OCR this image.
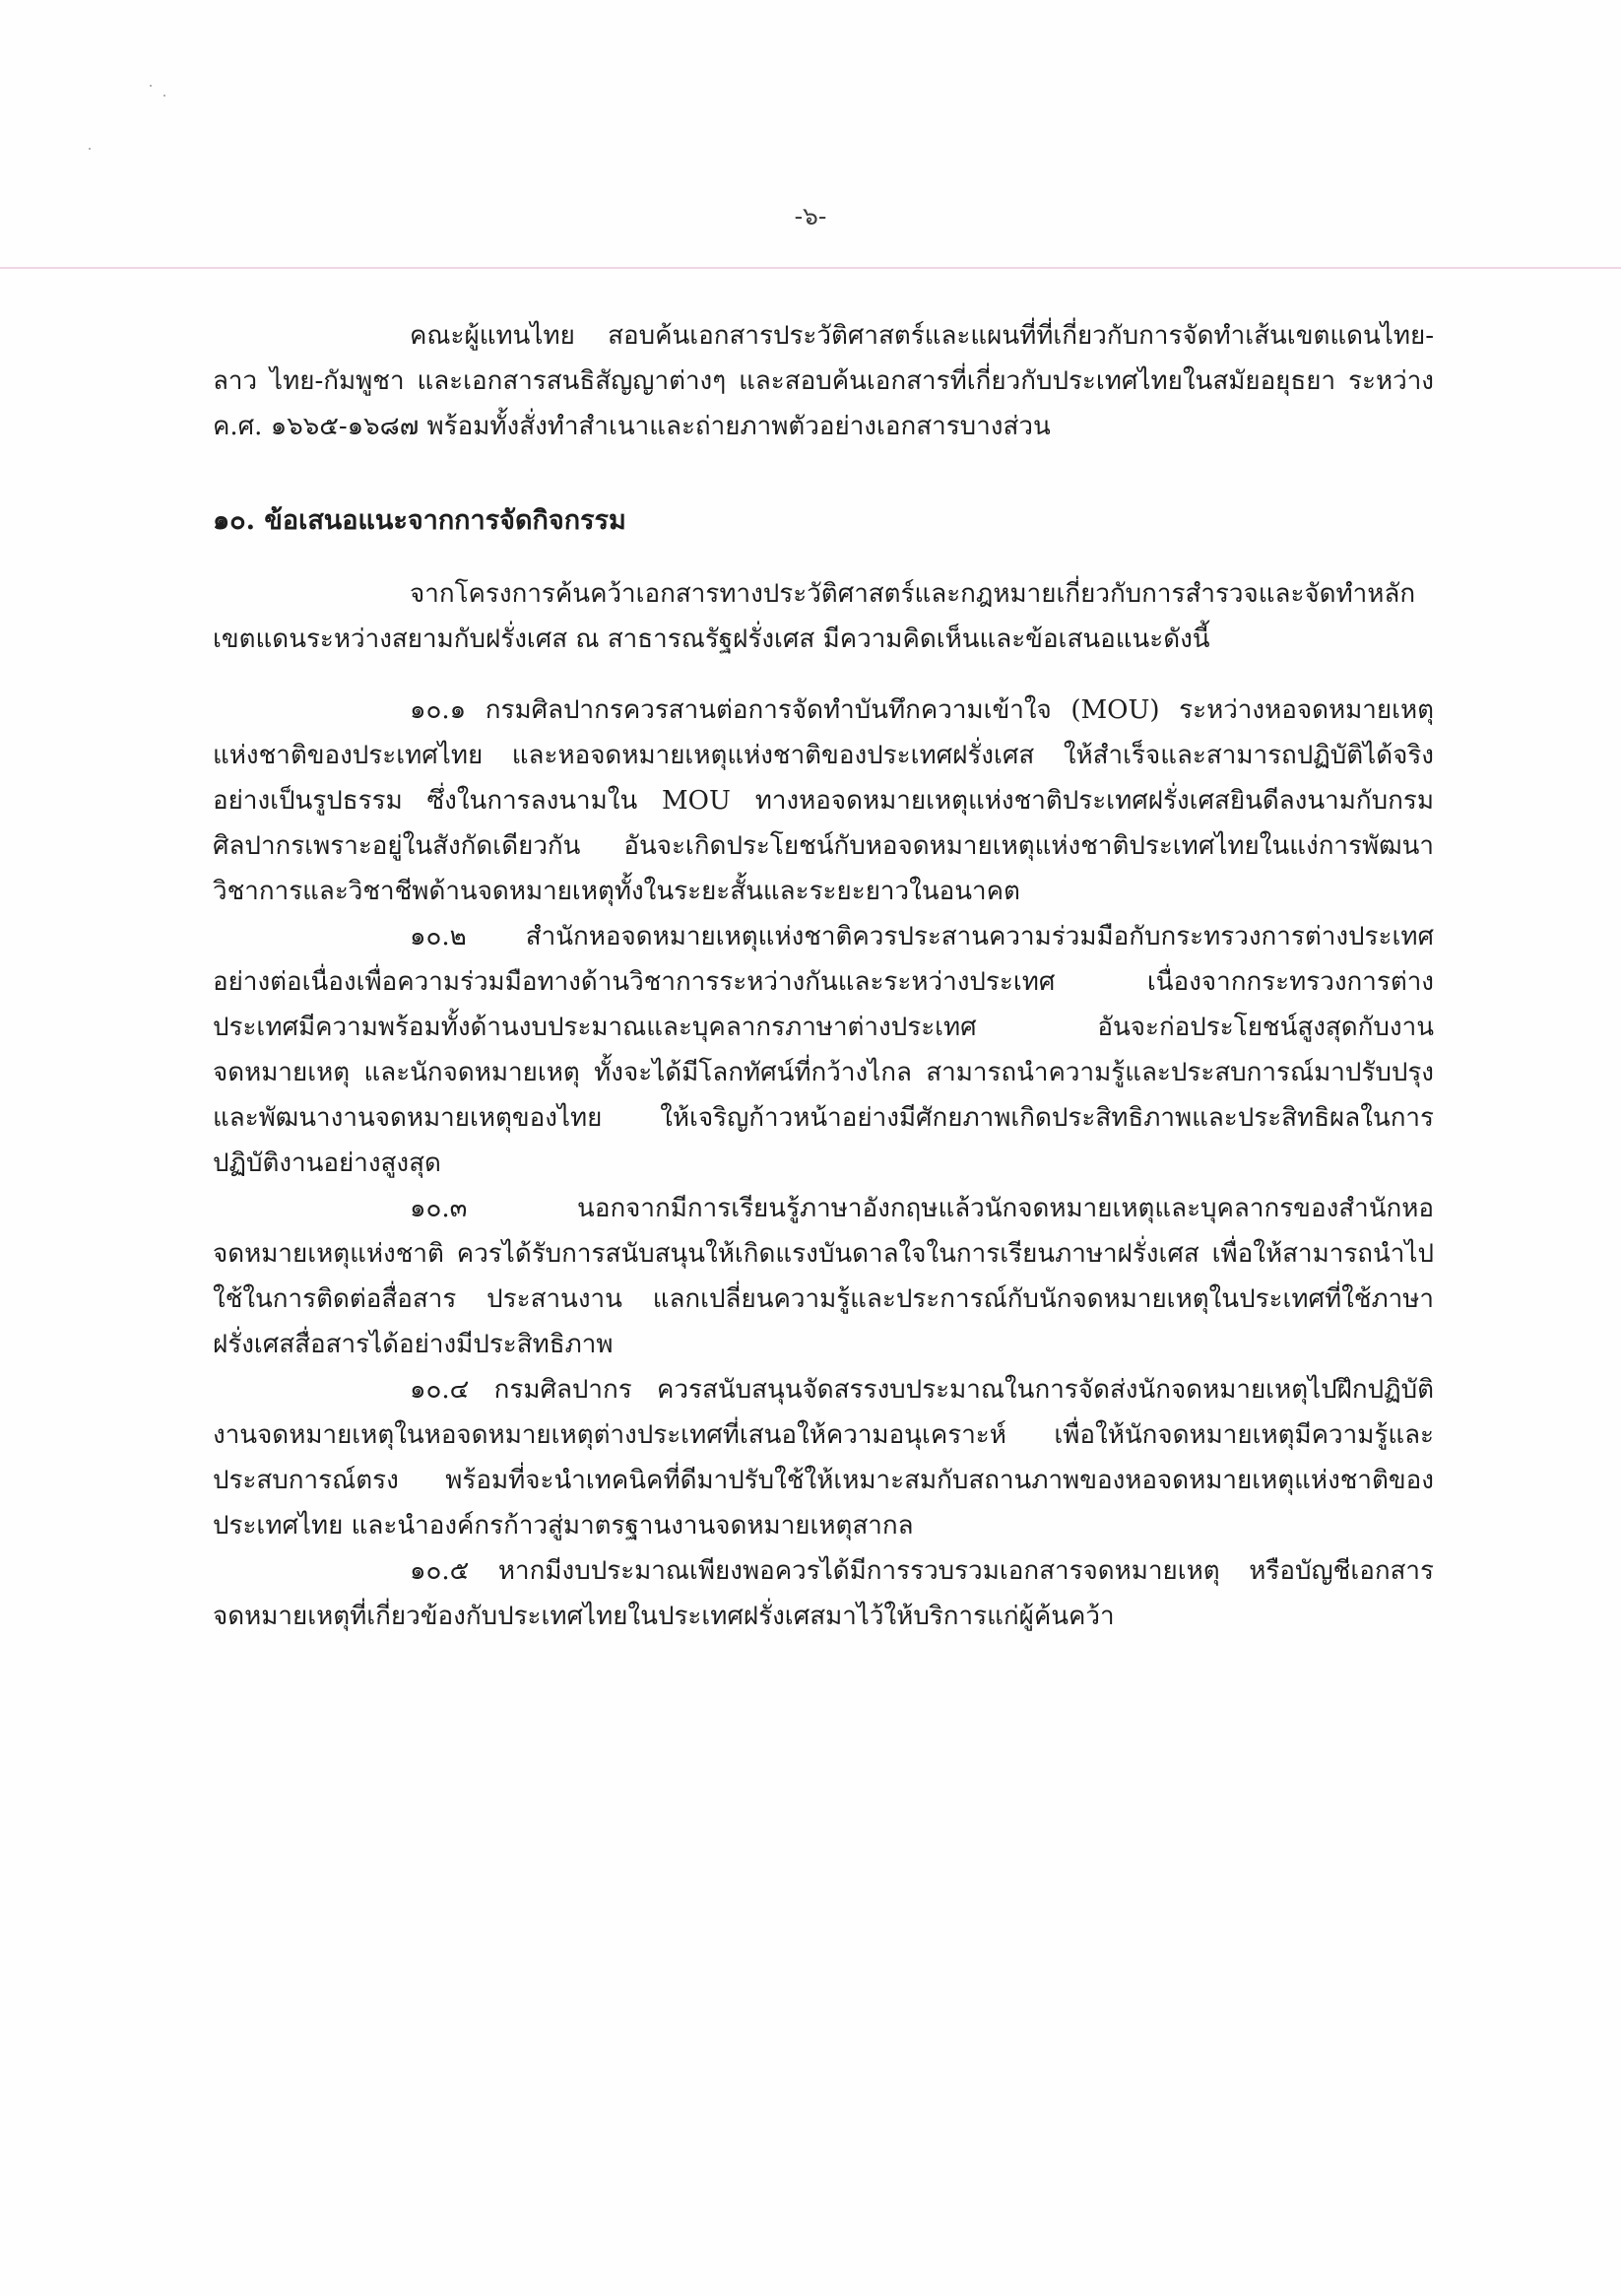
-๖-

คณะผู้แทนไทย สอบค้นเอกสารประวัติศาสตร์และแผนที่ที่เกี่ยวกับการจัดทำเส้นเขตแดนไทย-ลาว ไทย-กัมพูชา และเอกสารสนธิสัญญาต่างๆ และสอบค้นเอกสารที่เกี่ยวกับประเทศไทยในสมัยอยุธยา ระหว่าง ค.ศ. ๑๖๖๕-๑๖๘๗ พร้อมทั้งสั่งทำสำเนาและถ่ายภาพตัวอย่างเอกสารบางส่วน

๑๐. ข้อเสนอแนะจากการจัดกิจกรรม

จากโครงการค้นคว้าเอกสารทางประวัติศาสตร์และกฎหมายเกี่ยวกับการสำรวจและจัดทำหลักเขตแดนระหว่างสยามกับฝรั่งเศส ณ สาธารณรัฐฝรั่งเศส มีความคิดเห็นและข้อเสนอแนะดังนี้

๑๐.๑ กรมศิลปากรควรสานต่อการจัดทำบันทึกความเข้าใจ (MOU) ระหว่างหอจดหมายเหตุแห่งชาติของประเทศไทย และหอจดหมายเหตุแห่งชาติของประเทศฝรั่งเศส ให้สำเร็จและสามารถปฏิบัติได้จริงอย่างเป็นรูปธรรม ซึ่งในการลงนามใน MOU ทางหอจดหมายเหตุแห่งชาติประเทศฝรั่งเศสยินดีลงนามกับกรมศิลปากรเพราะอยู่ในสังกัดเดียวกัน อันจะเกิดประโยชน์กับหอจดหมายเหตุแห่งชาติประเทศไทยในแง่การพัฒนาวิชาการและวิชาชีพด้านจดหมายเหตุทั้งในระยะสั้นและระยะยาวในอนาคต

๑๐.๒ สำนักหอจดหมายเหตุแห่งชาติควรประสานความร่วมมือกับกระทรวงการต่างประเทศอย่างต่อเนื่องเพื่อความร่วมมือทางด้านวิชาการระหว่างกันและระหว่างประเทศ เนื่องจากกระทรวงการต่างประเทศมีความพร้อมทั้งด้านงบประมาณและบุคลากรภาษาต่างประเทศ อันจะก่อประโยชน์สูงสุดกับงานจดหมายเหตุ และนักจดหมายเหตุ ทั้งจะได้มีโลกทัศน์ที่กว้างไกล สามารถนำความรู้และประสบการณ์มาปรับปรุงและพัฒนางานจดหมายเหตุของไทย ให้เจริญก้าวหน้าอย่างมีศักยภาพเกิดประสิทธิภาพและประสิทธิผลในการปฏิบัติงานอย่างสูงสุด

๑๐.๓ นอกจากมีการเรียนรู้ภาษาอังกฤษแล้วนักจดหมายเหตุและบุคลากรของสำนักหอจดหมายเหตุแห่งชาติ ควรได้รับการสนับสนุนให้เกิดแรงบันดาลใจในการเรียนภาษาฝรั่งเศส เพื่อให้สามารถนำไปใช้ในการติดต่อสื่อสาร ประสานงาน แลกเปลี่ยนความรู้และประการณ์กับนักจดหมายเหตุในประเทศที่ใช้ภาษาฝรั่งเศสสื่อสารได้อย่างมีประสิทธิภาพ

๑๐.๔ กรมศิลปากร ควรสนับสนุนจัดสรรงบประมาณในการจัดส่งนักจดหมายเหตุไปฝึกปฏิบัติงานจดหมายเหตุในหอจดหมายเหตุต่างประเทศที่เสนอให้ความอนุเคราะห์ เพื่อให้นักจดหมายเหตุมีความรู้และประสบการณ์ตรง พร้อมที่จะนำเทคนิคที่ดีมาปรับใช้ให้เหมาะสมกับสถานภาพของหอจดหมายเหตุแห่งชาติของประเทศไทย และนำองค์กรก้าวสู่มาตรฐานงานจดหมายเหตุสากล

๑๐.๕ หากมีงบประมาณเพียงพอควรได้มีการรวบรวมเอกสารจดหมายเหตุ หรือบัญชีเอกสารจดหมายเหตุที่เกี่ยวข้องกับประเทศไทยในประเทศฝรั่งเศสมาไว้ให้บริการแก่ผู้ค้นคว้า
